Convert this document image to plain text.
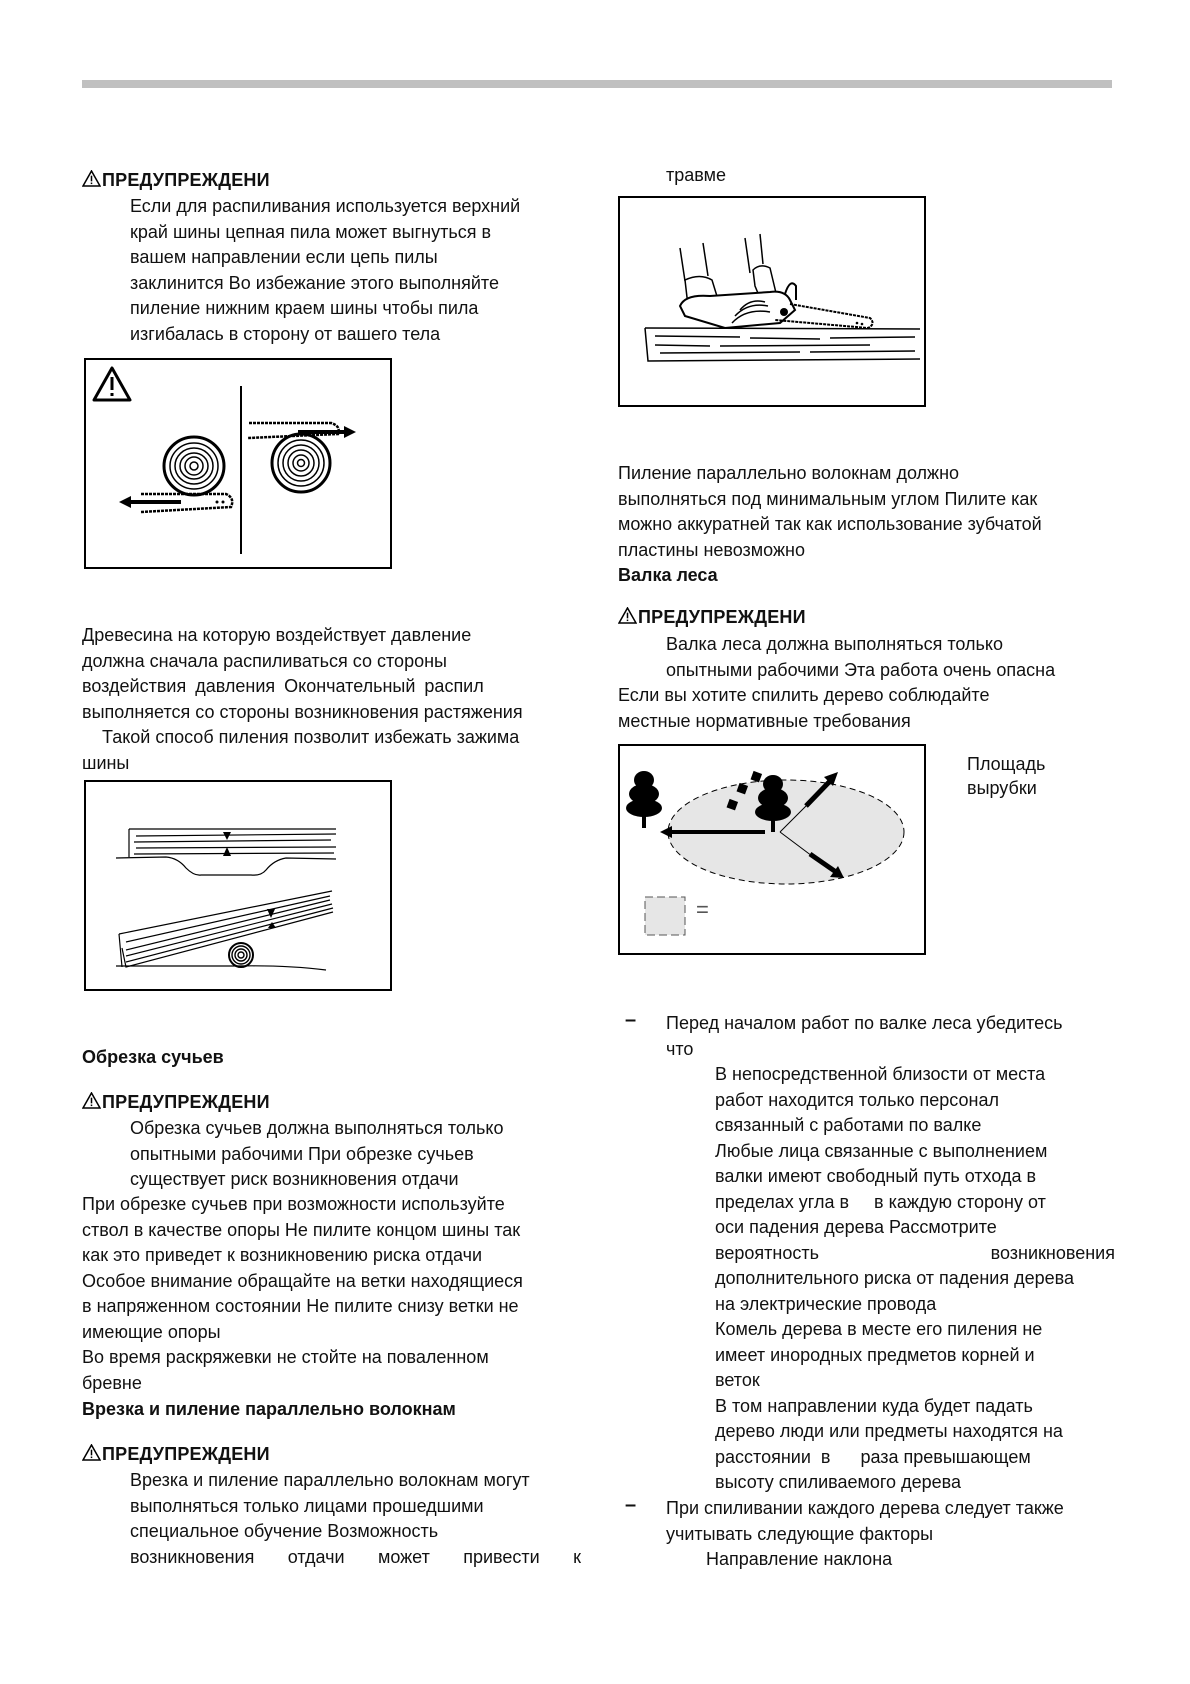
ПРЕДУПРЕЖДЕНИ

Если для распиливания используется верхний

край шины цепная пила может выгнуться в

вашем направлении если цепь пилы

заклинится Во избежание этого выполняйте

пиление нижним краем шины чтобы пила

изгибалась в сторону от вашего тела

Древесина на которую воздействует давление

должна сначала распиливаться со стороны

воздействия давления Окончательный распил

выполняется со стороны возникновения растяжения

Такой способ пиления позволит избежать зажима

шины

Обрезка сучьев

ПРЕДУПРЕЖДЕНИ

Обрезка сучьев должна выполняться только

опытными рабочими При обрезке сучьев

существует риск возникновения отдачи

При обрезке сучьев при возможности используйте

ствол в качестве опоры Не пилите концом шины так

как это приведет к возникновению риска отдачи

Особое внимание обращайте на ветки находящиеся

в напряженном состоянии Не пилите снизу ветки не

имеющие опоры

Во время раскряжевки не стойте на поваленном

бревне

Врезка и пиление параллельно волокнам

ПРЕДУПРЕЖДЕНИ

Врезка и пиление параллельно волокнам могут

выполняться только лицами прошедшими

специальное обучение Возможность

возникновения отдачи может привести к

травме

Пиление параллельно волокнам должно

выполняться под минимальным углом Пилите как

можно аккуратней так как использование зубчатой

пластины невозможно

Валка леса

ПРЕДУПРЕЖДЕНИ

Валка леса должна выполняться только

опытными рабочими Эта работа очень опасна

Если вы хотите спилить дерево соблюдайте

местные нормативные требования

=

Площадь

вырубки

– Перед началом работ по валке леса убедитесь

что

В непосредственной близости от места

работ находится только персонал

связанный с работами по валке

Любые лица связанные с выполнением

валки имеют свободный путь отхода в

пределах угла в     в каждую сторону от

оси падения дерева Рассмотрите

вероятность возникновения

дополнительного риска от падения дерева

на электрические провода

Комель дерева в месте его пиления не

имеет инородных предметов корней и

веток

В том направлении куда будет падать

дерево люди или предметы находятся на

расстоянии  в      раза превышающем

высоту спиливаемого дерева

– При спиливании каждого дерева следует также

учитывать следующие факторы

Направление наклона
